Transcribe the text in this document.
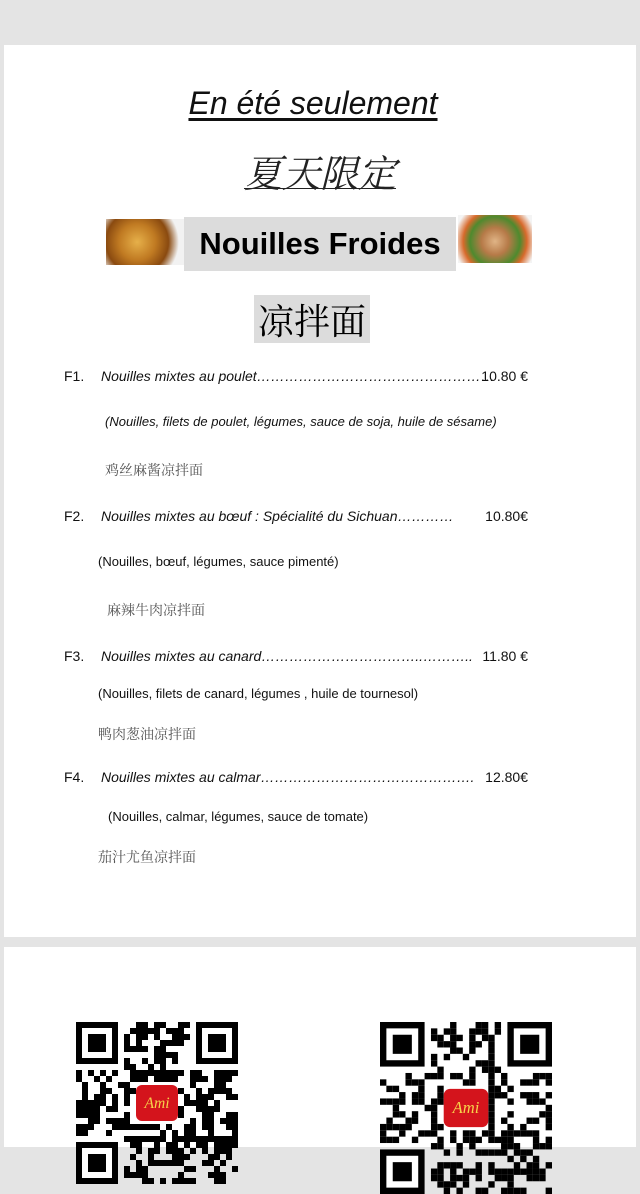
En été seulement
夏天限定
Nouilles Froides
凉拌面
F1. Nouilles mixtes au poulet……………………………………………
10.80 €
(Nouilles, filets de poulet, légumes, sauce de soja, huile de sésame)
鸡丝麻酱凉拌面
F2. Nouilles mixtes au bœuf : Spécialité du Sichuan………… 10.80€
(Nouilles, bœuf, légumes, sauce pimenté)
麻辣牛肉凉拌面
F3. Nouilles mixtes au canard……………………………..……….. 11.80 €
(Nouilles, filets de canard, légumes , huile de tournesol)
鸭肉葱油凉拌面
F4. Nouilles mixtes au calmar………………………………………. 12.80€
(Nouilles, calmar, légumes, sauce de tomate)
茄汁尤鱼凉拌面
Ami	Ami
